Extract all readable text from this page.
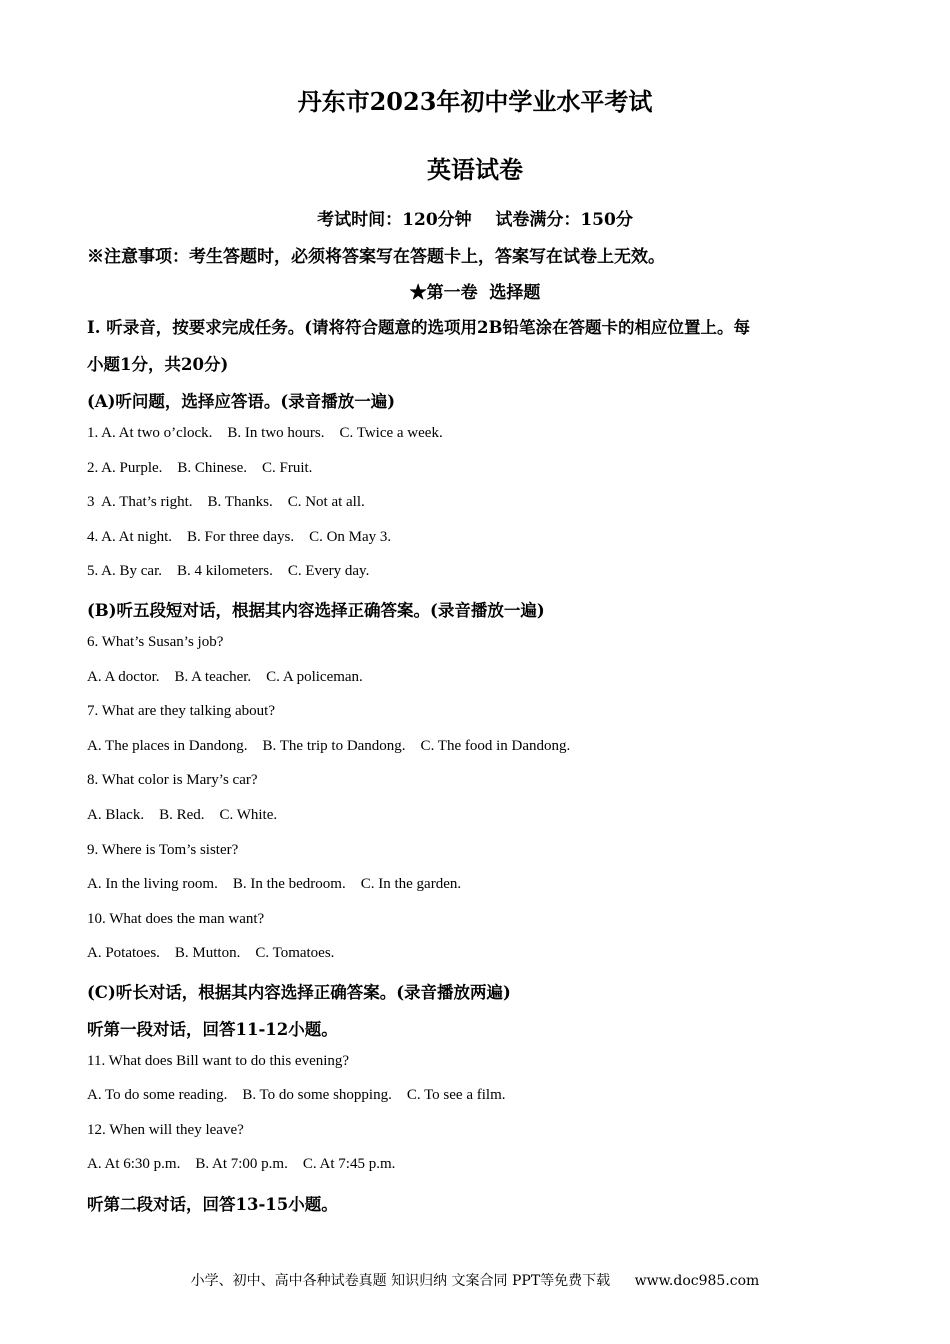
丹东市2023年初中学业水平考试
英语试卷
考试时间：120分钟    试卷满分：150分
※注意事项：考生答题时，必须将答案写在答题卡上，答案写在试卷上无效。
★第一卷  选择题
Ⅰ. 听录音，按要求完成任务。(请将符合题意的选项用2B铅笔涂在答题卡的相应位置上。每
小题1分，共20分)
(A)听问题，选择应答语。(录音播放一遍)
1. A. At two o’clock.    B. In two hours.    C. Twice a week.
2. A. Purple.    B. Chinese.    C. Fruit.
3  A. That’s right.    B. Thanks.    C. Not at all.
4. A. At night.    B. For three days.    C. On May 3.
5. A. By car.    B. 4 kilometers.    C. Every day.
(B)听五段短对话，根据其内容选择正确答案。(录音播放一遍)
6. What’s Susan’s job?
A. A doctor.    B. A teacher.    C. A policeman.
7. What are they talking about?
A. The places in Dandong.    B. The trip to Dandong.    C. The food in Dandong.
8. What color is Mary’s car?
A. Black.    B. Red.    C. White.
9. Where is Tom’s sister?
A. In the living room.    B. In the bedroom.    C. In the garden.
10. What does the man want?
A. Potatoes.    B. Mutton.    C. Tomatoes.
(C)听长对话，根据其内容选择正确答案。(录音播放两遍)
听第一段对话，回答11-12小题。
11. What does Bill want to do this evening?
A. To do some reading.    B. To do some shopping.    C. To see a film.
12. When will they leave?
A. At 6:30 p.m.    B. At 7:00 p.m.    C. At 7:45 p.m.
听第二段对话，回答13-15小题。
小学、初中、高中各种试卷真题 知识归纳 文案合同 PPT等免费下载 www.doc985.com
